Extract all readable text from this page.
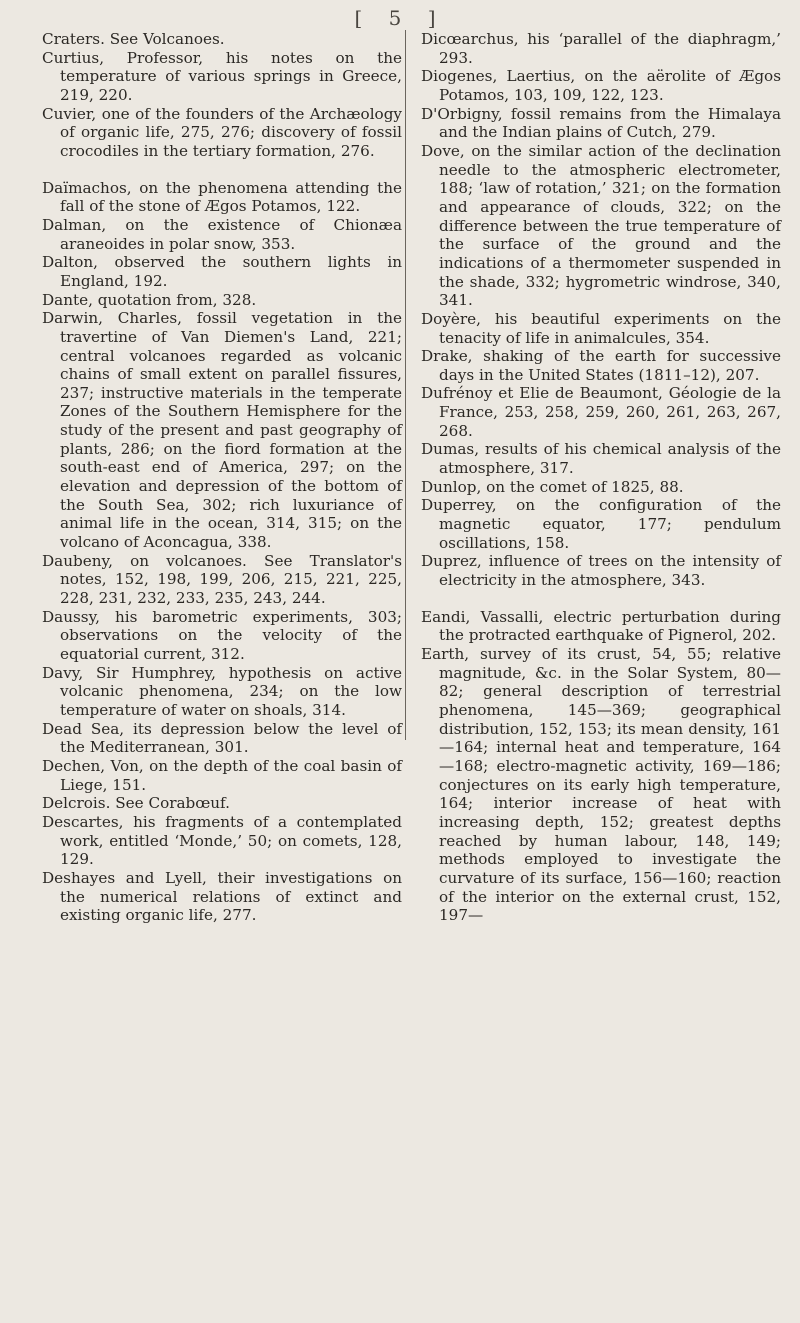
[ 5 ]
Craters. See Volcanoes.
Curtius, Professor, his notes on the temperature of various springs in Greece, 219, 220.
Cuvier, one of the founders of the Archæology of organic life, 275, 276; discovery of fossil crocodiles in the tertiary formation, 276.
Daïmachos, on the phenomena attending the fall of the stone of Ægos Potamos, 122.
Dalman, on the existence of Chionæa araneoides in polar snow, 353.
Dalton, observed the southern lights in England, 192.
Dante, quotation from, 328.
Darwin, Charles, fossil vegetation in the travertine of Van Diemen's Land, 221; central volcanoes regarded as volcanic chains of small extent on parallel fissures, 237; instructive materials in the temperate Zones of the Southern Hemisphere for the study of the present and past geography of plants, 286; on the fiord formation at the south-east end of America, 297; on the elevation and depression of the bottom of the South Sea, 302; rich luxuriance of animal life in the ocean, 314, 315; on the volcano of Aconcagua, 338.
Daubeny, on volcanoes. See Translator's notes, 152, 198, 199, 206, 215, 221, 225, 228, 231, 232, 233, 235, 243, 244.
Daussy, his barometric experiments, 303; observations on the velocity of the equatorial current, 312.
Davy, Sir Humphrey, hypothesis on active volcanic phenomena, 234; on the low temperature of water on shoals, 314.
Dead Sea, its depression below the level of the Mediterranean, 301.
Dechen, Von, on the depth of the coal basin of Liege, 151.
Delcrois. See Corabœuf.
Descartes, his fragments of a contemplated work, entitled ‘Monde,’ 50; on comets, 128, 129.
Deshayes and Lyell, their investigations on the numerical relations of extinct and existing organic life, 277.
Dicœarchus, his ‘parallel of the diaphragm,’ 293.
Diogenes, Laertius, on the aërolite of Ægos Potamos, 103, 109, 122, 123.
D'Orbigny, fossil remains from the Himalaya and the Indian plains of Cutch, 279.
Dove, on the similar action of the declination needle to the atmospheric electrometer, 188; ‘law of rotation,’ 321; on the formation and appearance of clouds, 322; on the difference between the true temperature of the surface of the ground and the indications of a thermometer suspended in the shade, 332; hygrometric windrose, 340, 341.
Doyère, his beautiful experiments on the tenacity of life in animalcules, 354.
Drake, shaking of the earth for successive days in the United States (1811–12), 207.
Dufrénoy et Elie de Beaumont, Géologie de la France, 253, 258, 259, 260, 261, 263, 267, 268.
Dumas, results of his chemical analysis of the atmosphere, 317.
Dunlop, on the comet of 1825, 88.
Duperrey, on the configuration of the magnetic equator, 177; pendulum oscillations, 158.
Duprez, influence of trees on the intensity of electricity in the atmosphere, 343.
Eandi, Vassalli, electric perturbation during the protracted earthquake of Pignerol, 202.
Earth, survey of its crust, 54, 55; relative magnitude, &c. in the Solar System, 80—82; general description of terrestrial phenomena, 145—369; geographical distribution, 152, 153; its mean density, 161—164; internal heat and temperature, 164—168; electro-magnetic activity, 169—186; conjectures on its early high temperature, 164; interior increase of heat with increasing depth, 152; greatest depths reached by human labour, 148, 149; methods employed to investigate the curvature of its surface, 156—160; reaction of the interior on the external crust, 152, 197—
